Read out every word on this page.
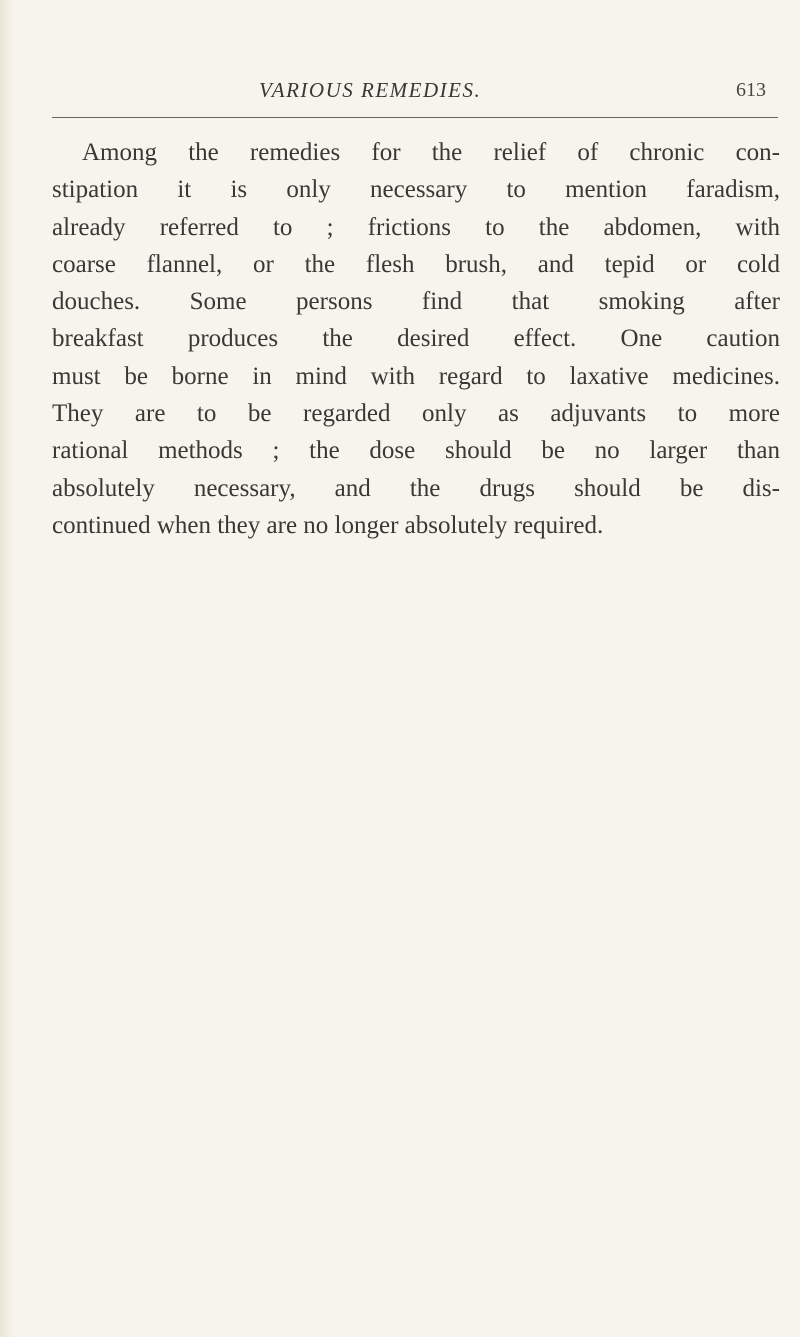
VARIOUS REMEDIES.	613
Among the remedies for the relief of chronic con-
stipation it is only necessary to mention faradism,
already referred to ; frictions to the abdomen, with
coarse flannel, or the flesh brush, and tepid or cold
douches. Some persons find that smoking after
breakfast produces the desired effect. One caution
must be borne in mind with regard to laxative medicines.
They are to be regarded only as adjuvants to more
rational methods ; the dose should be no larger than
absolutely necessary, and the drugs should be dis-
continued when they are no longer absolutely required.
